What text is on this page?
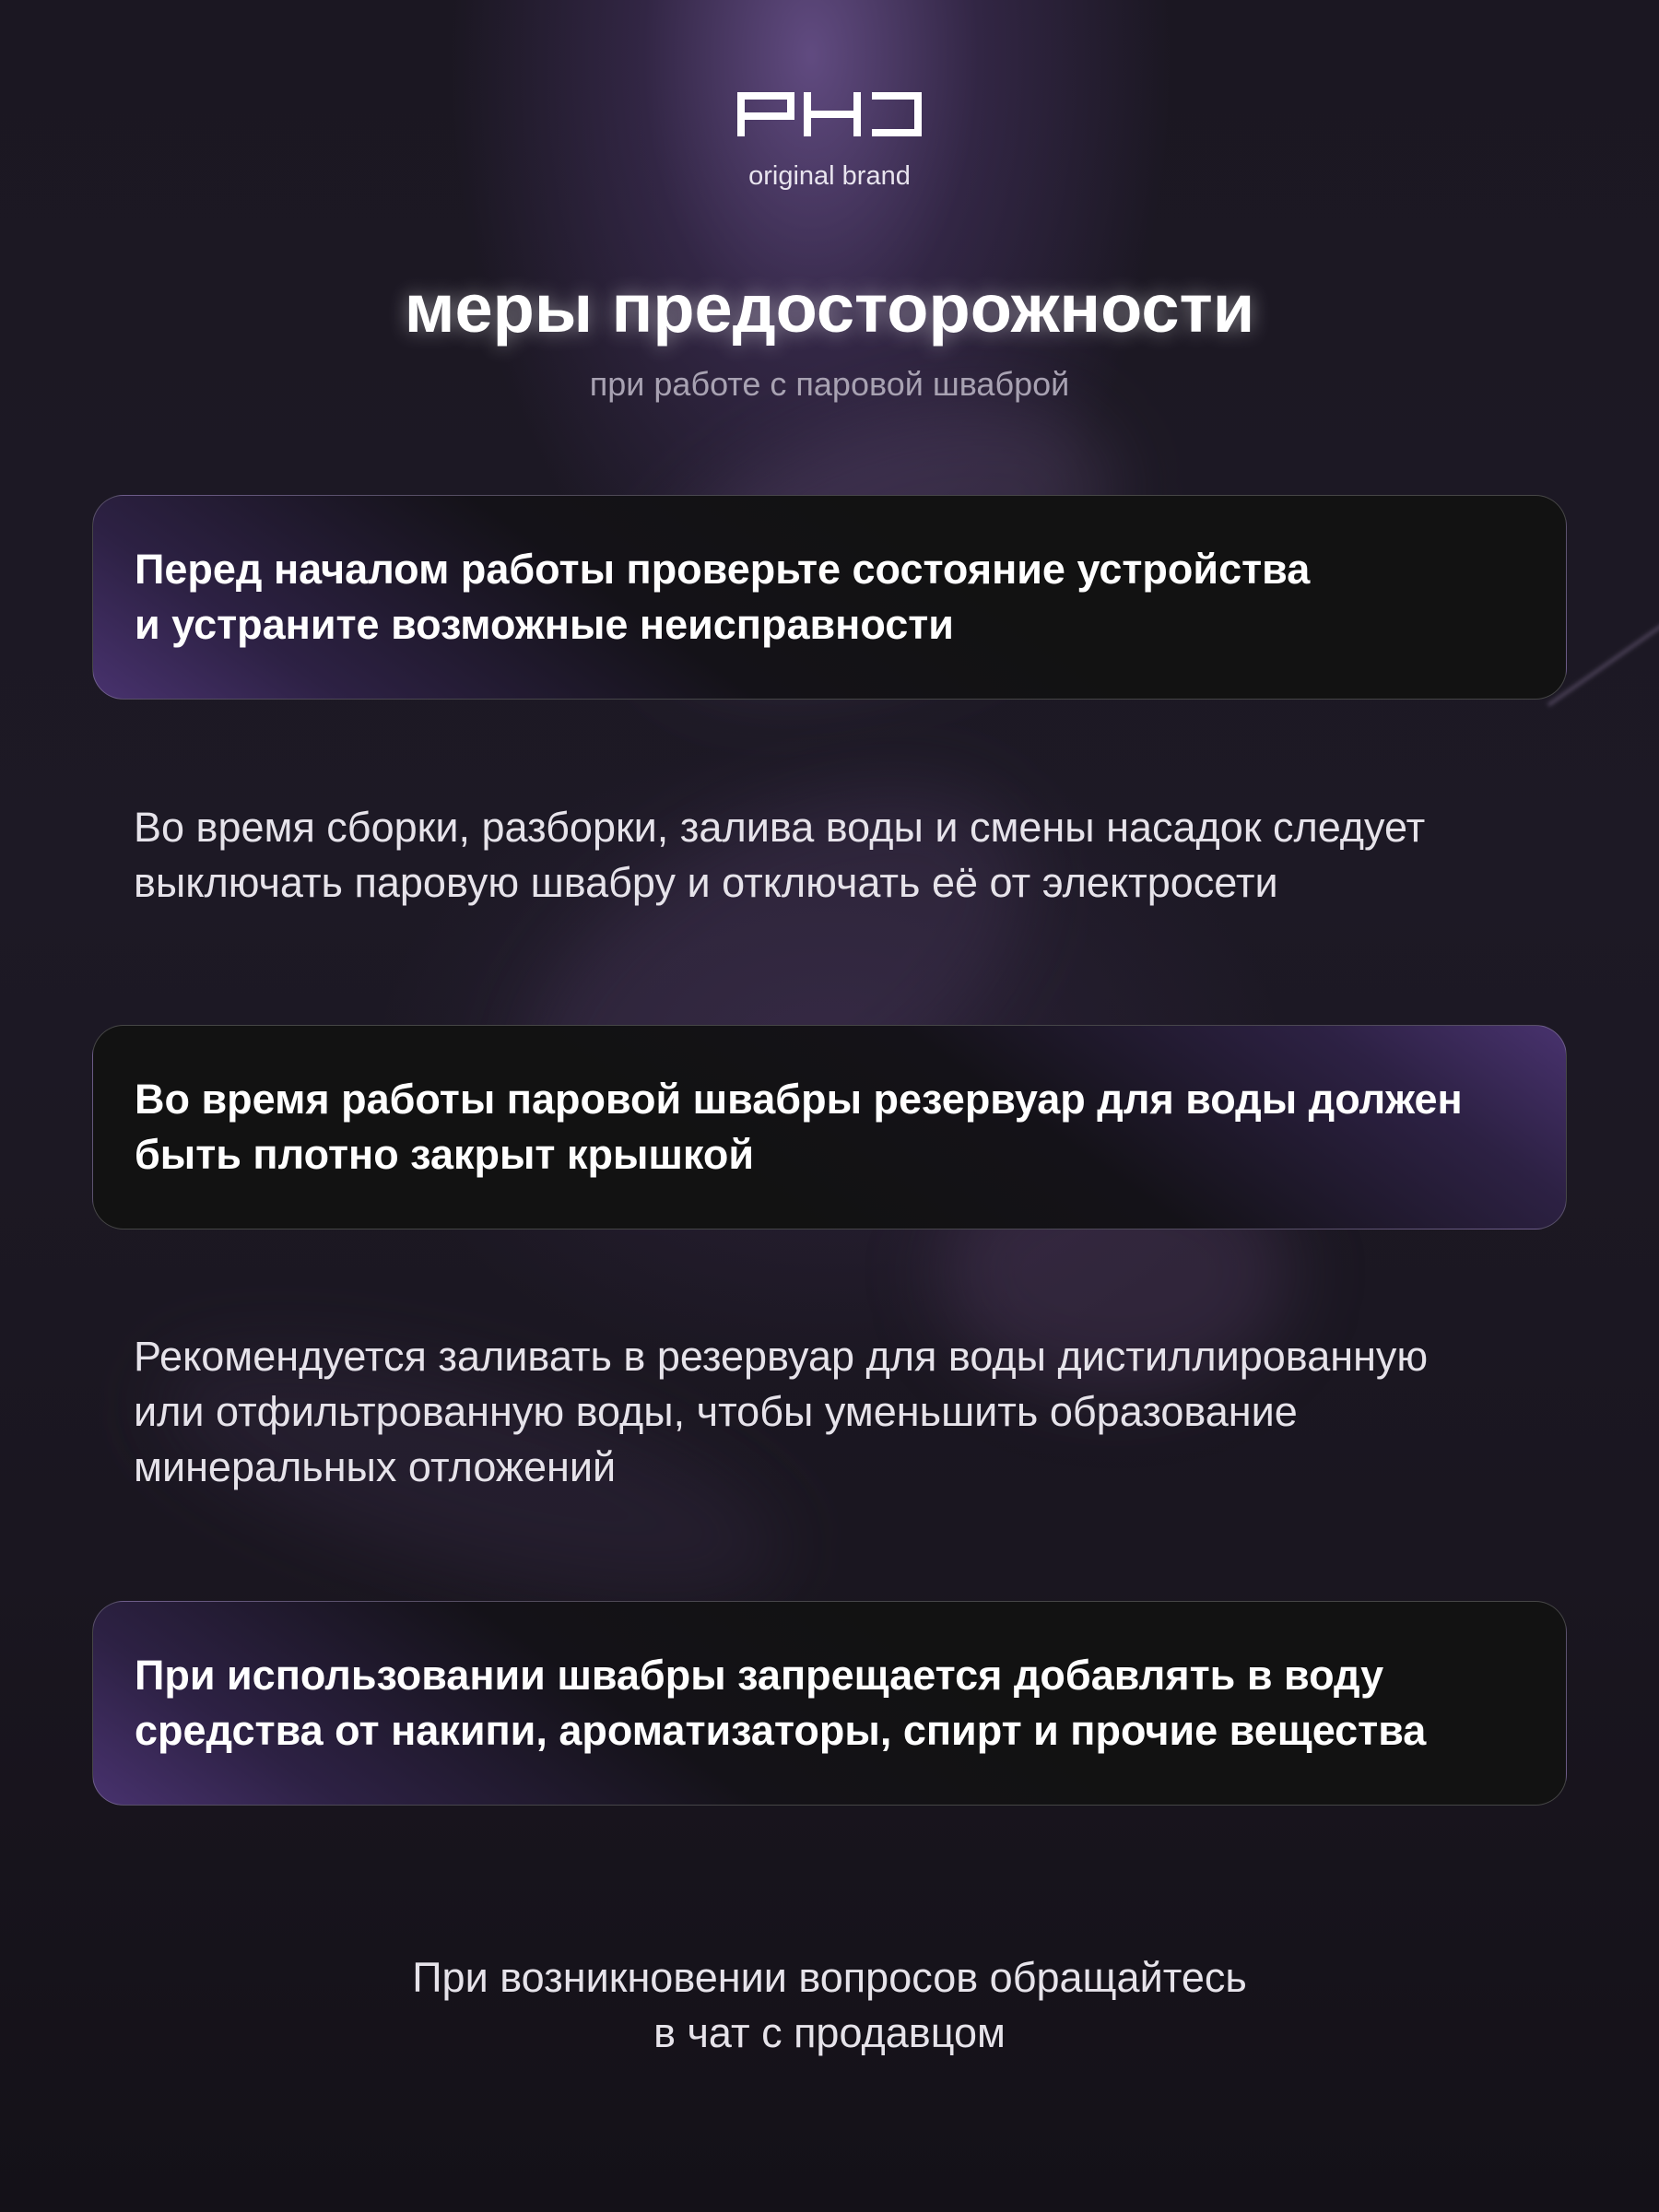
original brand
меры предосторожности
при работе с паровой шваброй
Перед началом работы проверьте состояние устройства
и устраните возможные неисправности
Во время сборки, разборки, залива воды и смены насадок следует
выключать паровую швабру и отключать её от электросети
Во время работы паровой швабры резервуар для воды должен
быть плотно закрыт крышкой
Рекомендуется заливать в резервуар для воды дистиллированную
или отфильтрованную воды, чтобы уменьшить образование
минеральных отложений
При использовании швабры запрещается добавлять в воду
средства от накипи, ароматизаторы, спирт и прочие вещества
При возникновении вопросов обращайтесь
в чат с продавцом
